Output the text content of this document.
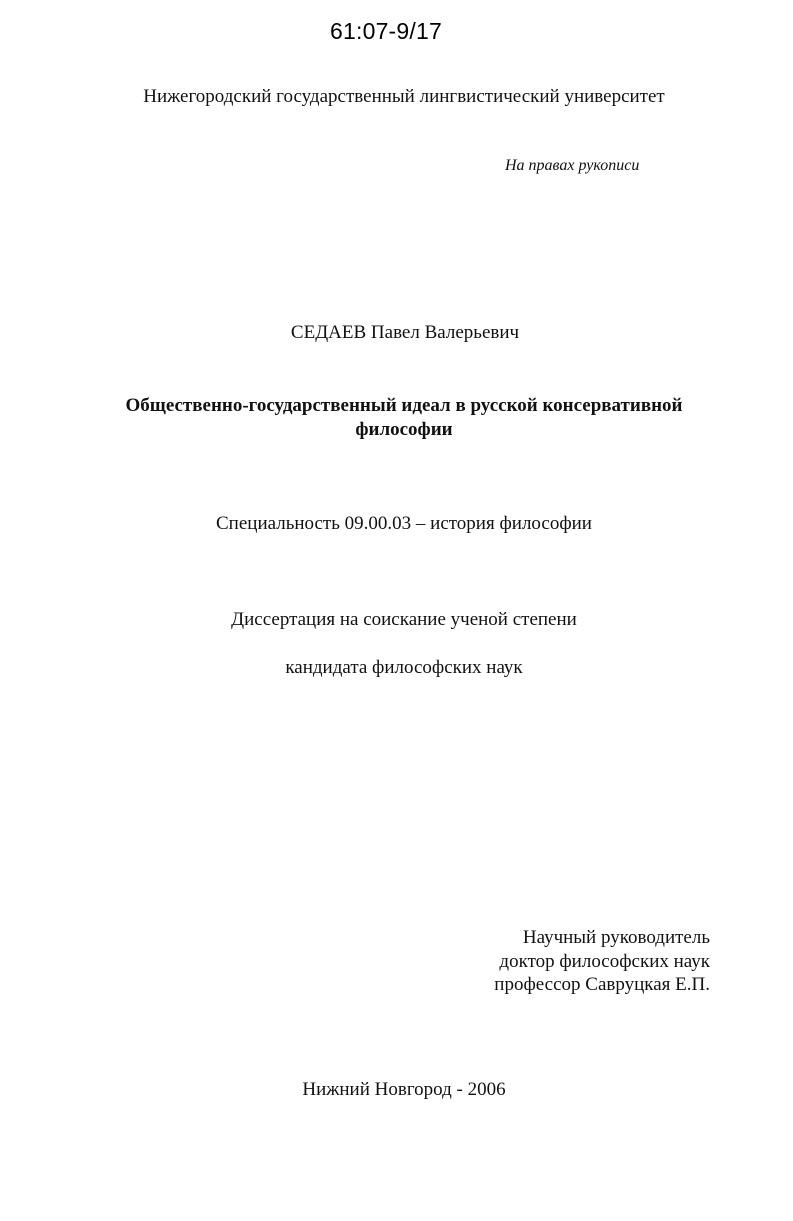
61:07-9/17
Нижегородский государственный лингвистический университет
На правах рукописи
СЕДАЕВ Павел Валерьевич
Общественно-государственный идеал в русской консервативной
философии
Специальность 09.00.03 – история философии
Диссертация на соискание ученой степени
кандидата философских наук
Научный руководитель
доктор философских наук
профессор Савруцкая Е.П.
Нижний Новгород - 2006
